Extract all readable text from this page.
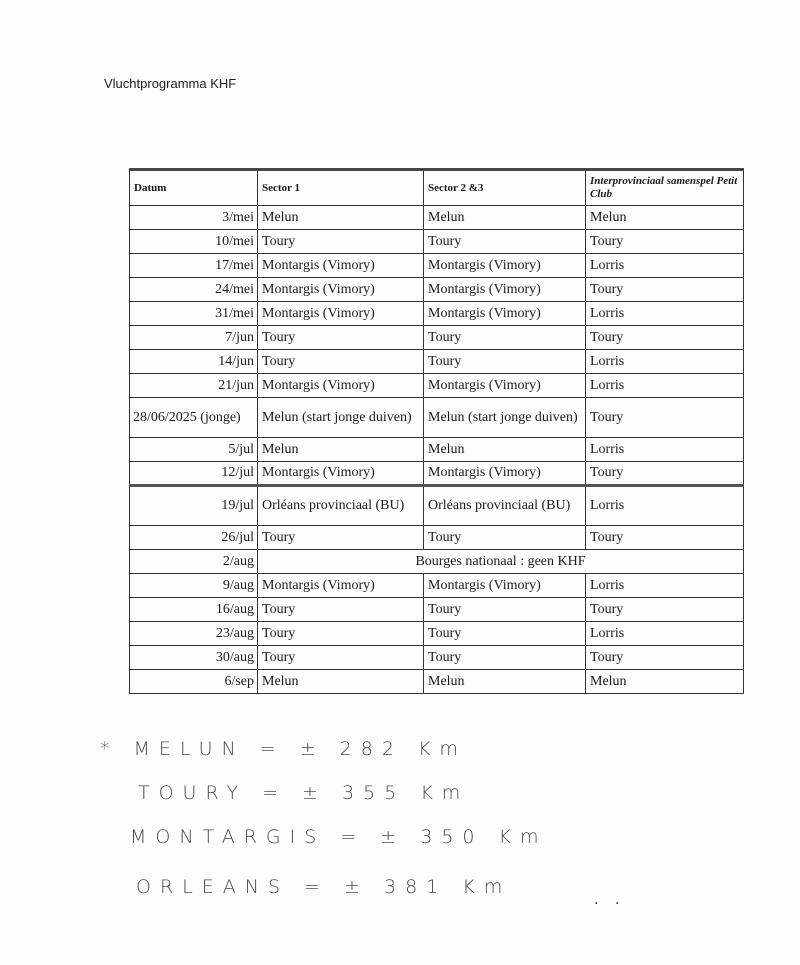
Vluchtprogramma KHF
Datum	Sector 1	Sector 2 &3	Interprovinciaal samenspel Petit Club
3/mei	Melun	Melun	Melun
10/mei	Toury	Toury	Toury
17/mei	Montargis (Vimory)	Montargis (Vimory)	Lorris
24/mei	Montargis (Vimory)	Montargis (Vimory)	Toury
31/mei	Montargis (Vimory)	Montargis (Vimory)	Lorris
7/jun	Toury	Toury	Toury
14/jun	Toury	Toury	Lorris
21/jun	Montargis (Vimory)	Montargis (Vimory)	Lorris
28/06/2025 (jonge)	Melun (start jonge duiven)	Melun (start jonge duiven)	Toury
5/jul	Melun	Melun	Lorris
12/jul	Montargis (Vimory)	Montargis (Vimory)	Toury
19/jul	Orléans provinciaal (BU)	Orléans provinciaal (BU)	Lorris
26/jul	Toury	Toury	Toury
2/aug	Bourges nationaal : geen KHF		
9/aug	Montargis (Vimory)	Montargis (Vimory)	Lorris
16/aug	Toury	Toury	Toury
23/aug	Toury	Toury	Lorris
30/aug	Toury	Toury	Toury
6/sep	Melun	Melun	Melun
* MELUN = ± 282 Km
TOURY = ± 355 Km
MONTARGIS = ± 350 Km
ORLEANS = ± 381 Km
. .
